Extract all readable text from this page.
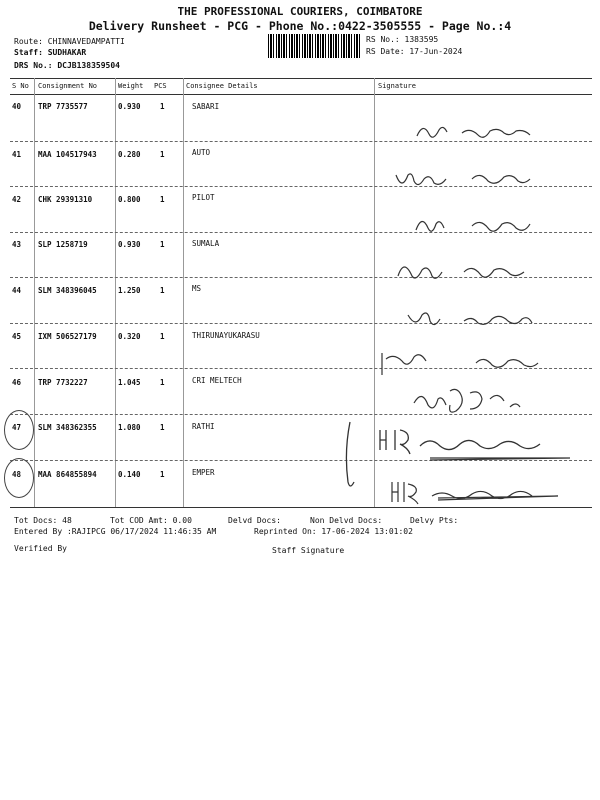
THE PROFESSIONAL COURIERS, COIMBATORE
Delivery Runsheet - PCG - Phone No.:0422-3505555 - Page No.:4
Route: CHINNAVEDAMPATTI
Staff: SUDHAKAR
DRS No.: DCJB138359504
RS No.: 1383595
RS Date: 17-Jun-2024
S No Consignment No	Weight PCS	Consignee Details	Signature
40 TRP 7735577	0.930	1	SABARI
41 MAA 104517943	0.280	1	AUTO
42 CHK 29391310	0.800	1	PILOT
43 SLP 1258719	0.930	1	SUMALA
44 SLM 348396045	1.250	1	MS
45 IXM 506527179	0.320	1	THIRUNAYUKARASU
46 TRP 7732227	1.045	1	CRI MELTECH
47 SLM 348362355	1.080	1	RATHI
48 MAA 864855894	0.140	1	EMPER
Tot Docs: 48	Tot COD Amt: 0.00	Delvd Docs:	Non Delvd Docs:	Delvy Pts:
Entered By :RAJIPCG 06/17/2024 11:46:35 AM	Reprinted On: 17-06-2024 13:01:02
Verified By	Staff Signature
